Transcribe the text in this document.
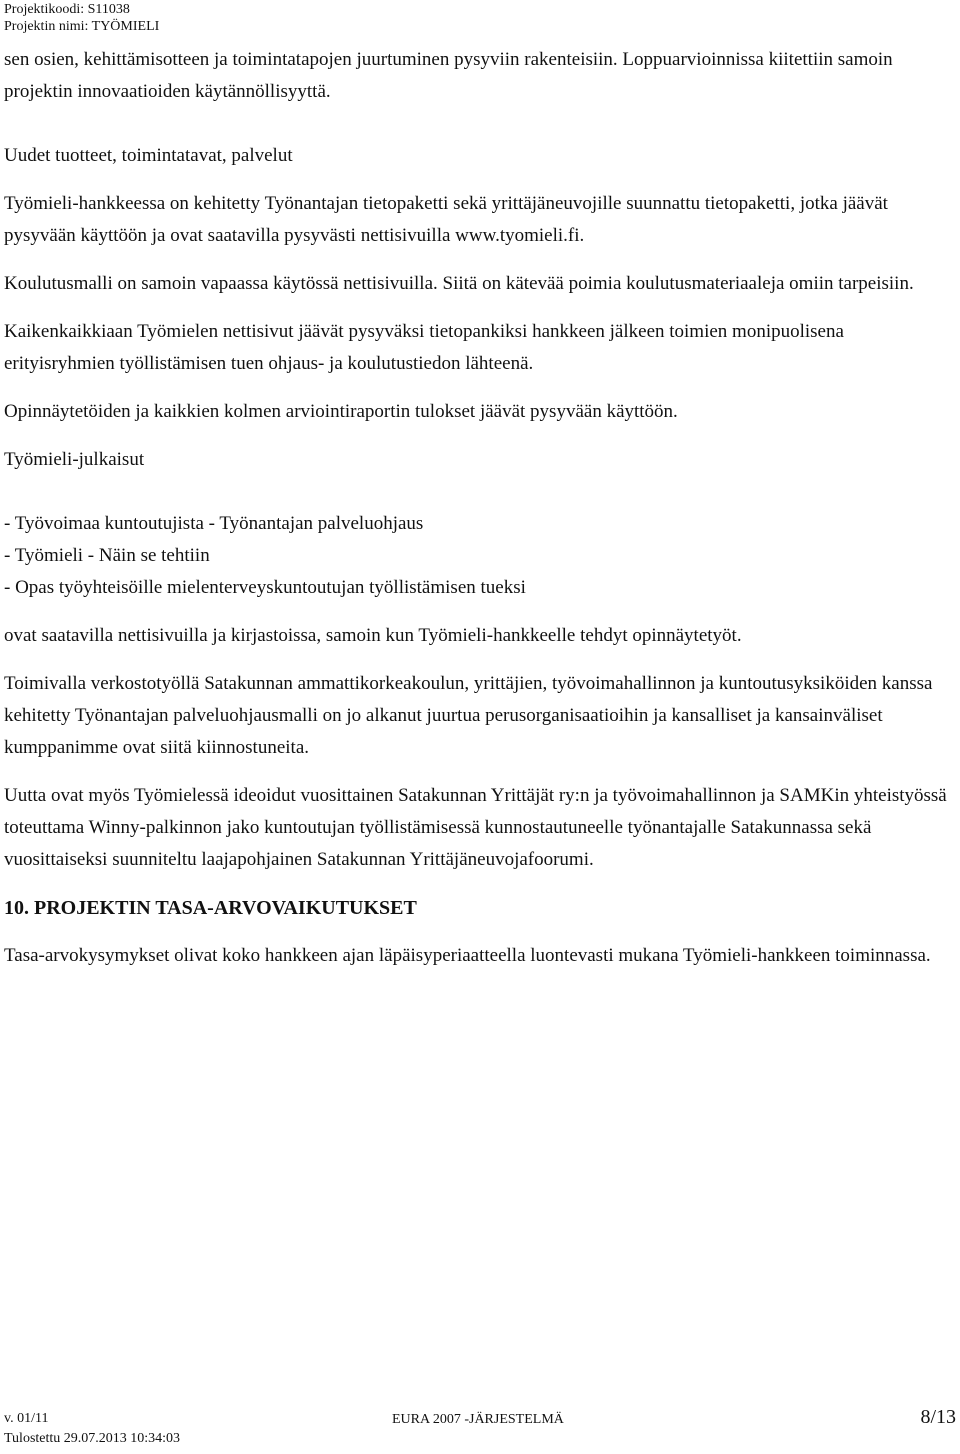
Projektikoodi: S11038
Projektin nimi: TYÖMIELI

sen osien, kehittämisotteen ja toimintatapojen juurtuminen pysyviin rakenteisiin. Loppuarvioinnissa kiitettiin samoin projektin innovaatioiden käytännöllisyyttä.

Uudet tuotteet, toimintatavat, palvelut

Työmieli-hankkeessa on kehitetty Työnantajan tietopaketti sekä yrittäjäneuvojille suunnattu tietopaketti, jotka jäävät pysyvään käyttöön ja ovat saatavilla pysyvästi nettisivuilla www.tyomieli.fi.

Koulutusmalli on samoin vapaassa käytössä nettisivuilla. Siitä on kätevää poimia koulutusmateriaaleja omiin tarpeisiin.

Kaikenkaikkiaan Työmielen nettisivut jäävät pysyväksi tietopankiksi hankkeen jälkeen toimien monipuolisena erityisryhmien työllistämisen tuen ohjaus- ja koulutustiedon lähteenä.

Opinnäytetöiden ja kaikkien kolmen arviointiraportin tulokset jäävät pysyvään käyttöön.

Työmieli-julkaisut

- Työvoimaa kuntoutujista - Työnantajan palveluohjaus

- Työmieli - Näin se tehtiin

- Opas työyhteisöille mielenterveyskuntoutujan työllistämisen tueksi

ovat saatavilla nettisivuilla ja kirjastoissa, samoin kun Työmieli-hankkeelle tehdyt opinnäytetyöt.

Toimivalla verkostotyöllä Satakunnan ammattikorkeakoulun, yrittäjien, työvoimahallinnon ja kuntoutusyksiköiden kanssa kehitetty Työnantajan palveluohjausmalli on jo alkanut juurtua perusorganisaatioihin ja kansalliset ja kansainväliset kumppanimme ovat siitä kiinnostuneita.

Uutta ovat myös Työmielessä ideoidut vuosittainen Satakunnan Yrittäjät ry:n ja työvoimahallinnon ja SAMKin yhteistyössä toteuttama Winny-palkinnon jako kuntoutujan työllistämisessä kunnostautuneelle työnantajalle Satakunnassa sekä vuosittaiseksi suunniteltu laajapohjainen Satakunnan Yrittäjäneuvojafoorumi.

10. PROJEKTIN TASA-ARVOVAIKUTUKSET

Tasa-arvokysymykset olivat koko hankkeen ajan läpäisyperiaatteella luontevasti mukana Työmieli-hankkeen toiminnassa.

v. 01/11
Tulostettu 29.07.2013 10:34:03
EURA 2007 -JÄRJESTELMÄ	8/13
